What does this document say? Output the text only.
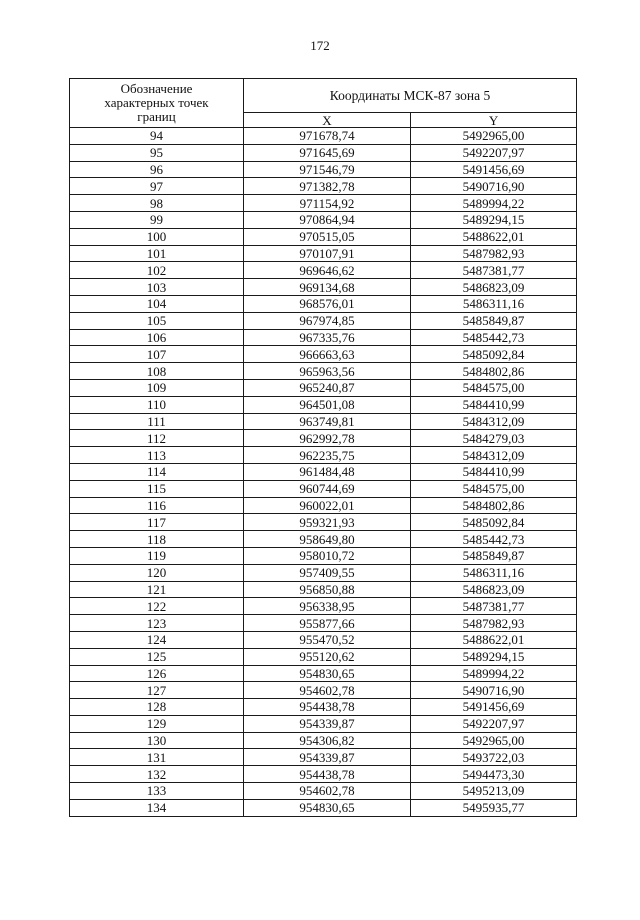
172
Обозначение
характерных точек
границ	Координаты МСК-87 зона 5	
	X	Y
94	971678,74	5492965,00
95	971645,69	5492207,97
96	971546,79	5491456,69
97	971382,78	5490716,90
98	971154,92	5489994,22
99	970864,94	5489294,15
100	970515,05	5488622,01
101	970107,91	5487982,93
102	969646,62	5487381,77
103	969134,68	5486823,09
104	968576,01	5486311,16
105	967974,85	5485849,87
106	967335,76	5485442,73
107	966663,63	5485092,84
108	965963,56	5484802,86
109	965240,87	5484575,00
110	964501,08	5484410,99
111	963749,81	5484312,09
112	962992,78	5484279,03
113	962235,75	5484312,09
114	961484,48	5484410,99
115	960744,69	5484575,00
116	960022,01	5484802,86
117	959321,93	5485092,84
118	958649,80	5485442,73
119	958010,72	5485849,87
120	957409,55	5486311,16
121	956850,88	5486823,09
122	956338,95	5487381,77
123	955877,66	5487982,93
124	955470,52	5488622,01
125	955120,62	5489294,15
126	954830,65	5489994,22
127	954602,78	5490716,90
128	954438,78	5491456,69
129	954339,87	5492207,97
130	954306,82	5492965,00
131	954339,87	5493722,03
132	954438,78	5494473,30
133	954602,78	5495213,09
134	954830,65	5495935,77
